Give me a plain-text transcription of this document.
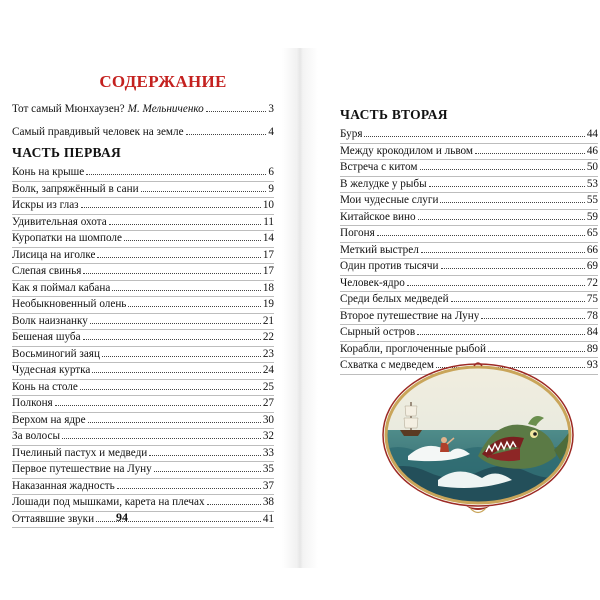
СОДЕРЖАНИЕ
Тот самый Мюнхаузен? М. Мельниченко	3
Самый правдивый человек на земле	4
ЧАСТЬ ПЕРВАЯ
Конь на крыше	6
Волк, запряжённый в сани	9
Искры из глаз	10
Удивительная охота	11
Куропатки на шомполе	14
Лисица на иголке	17
Слепая свинья	17
Как я поймал кабана	18
Необыкновенный олень	19
Волк наизнанку	21
Бешеная шуба	22
Восьминогий заяц	23
Чудесная куртка	24
Конь на столе	25
Полконя	27
Верхом на ядре	30
За волосы	32
Пчелиный пастух и медведи	33
Первое путешествие на Луну	35
Наказанная жадность	37
Лошади под мышками, карета на плечах	38
Оттаявшие звуки	41
ЧАСТЬ ВТОРАЯ
Буря	44
Между крокодилом и львом	46
Встреча с китом	50
В желудке у рыбы	53
Мои чудесные слуги	55
Китайское вино	59
Погоня	65
Меткий выстрел	66
Один против тысячи	69
Человек-ядро	72
Среди белых медведей	75
Второе путешествие на Луну	78
Сырный остров	84
Корабли, проглоченные рыбой	89
Схватка с медведем	93
94
